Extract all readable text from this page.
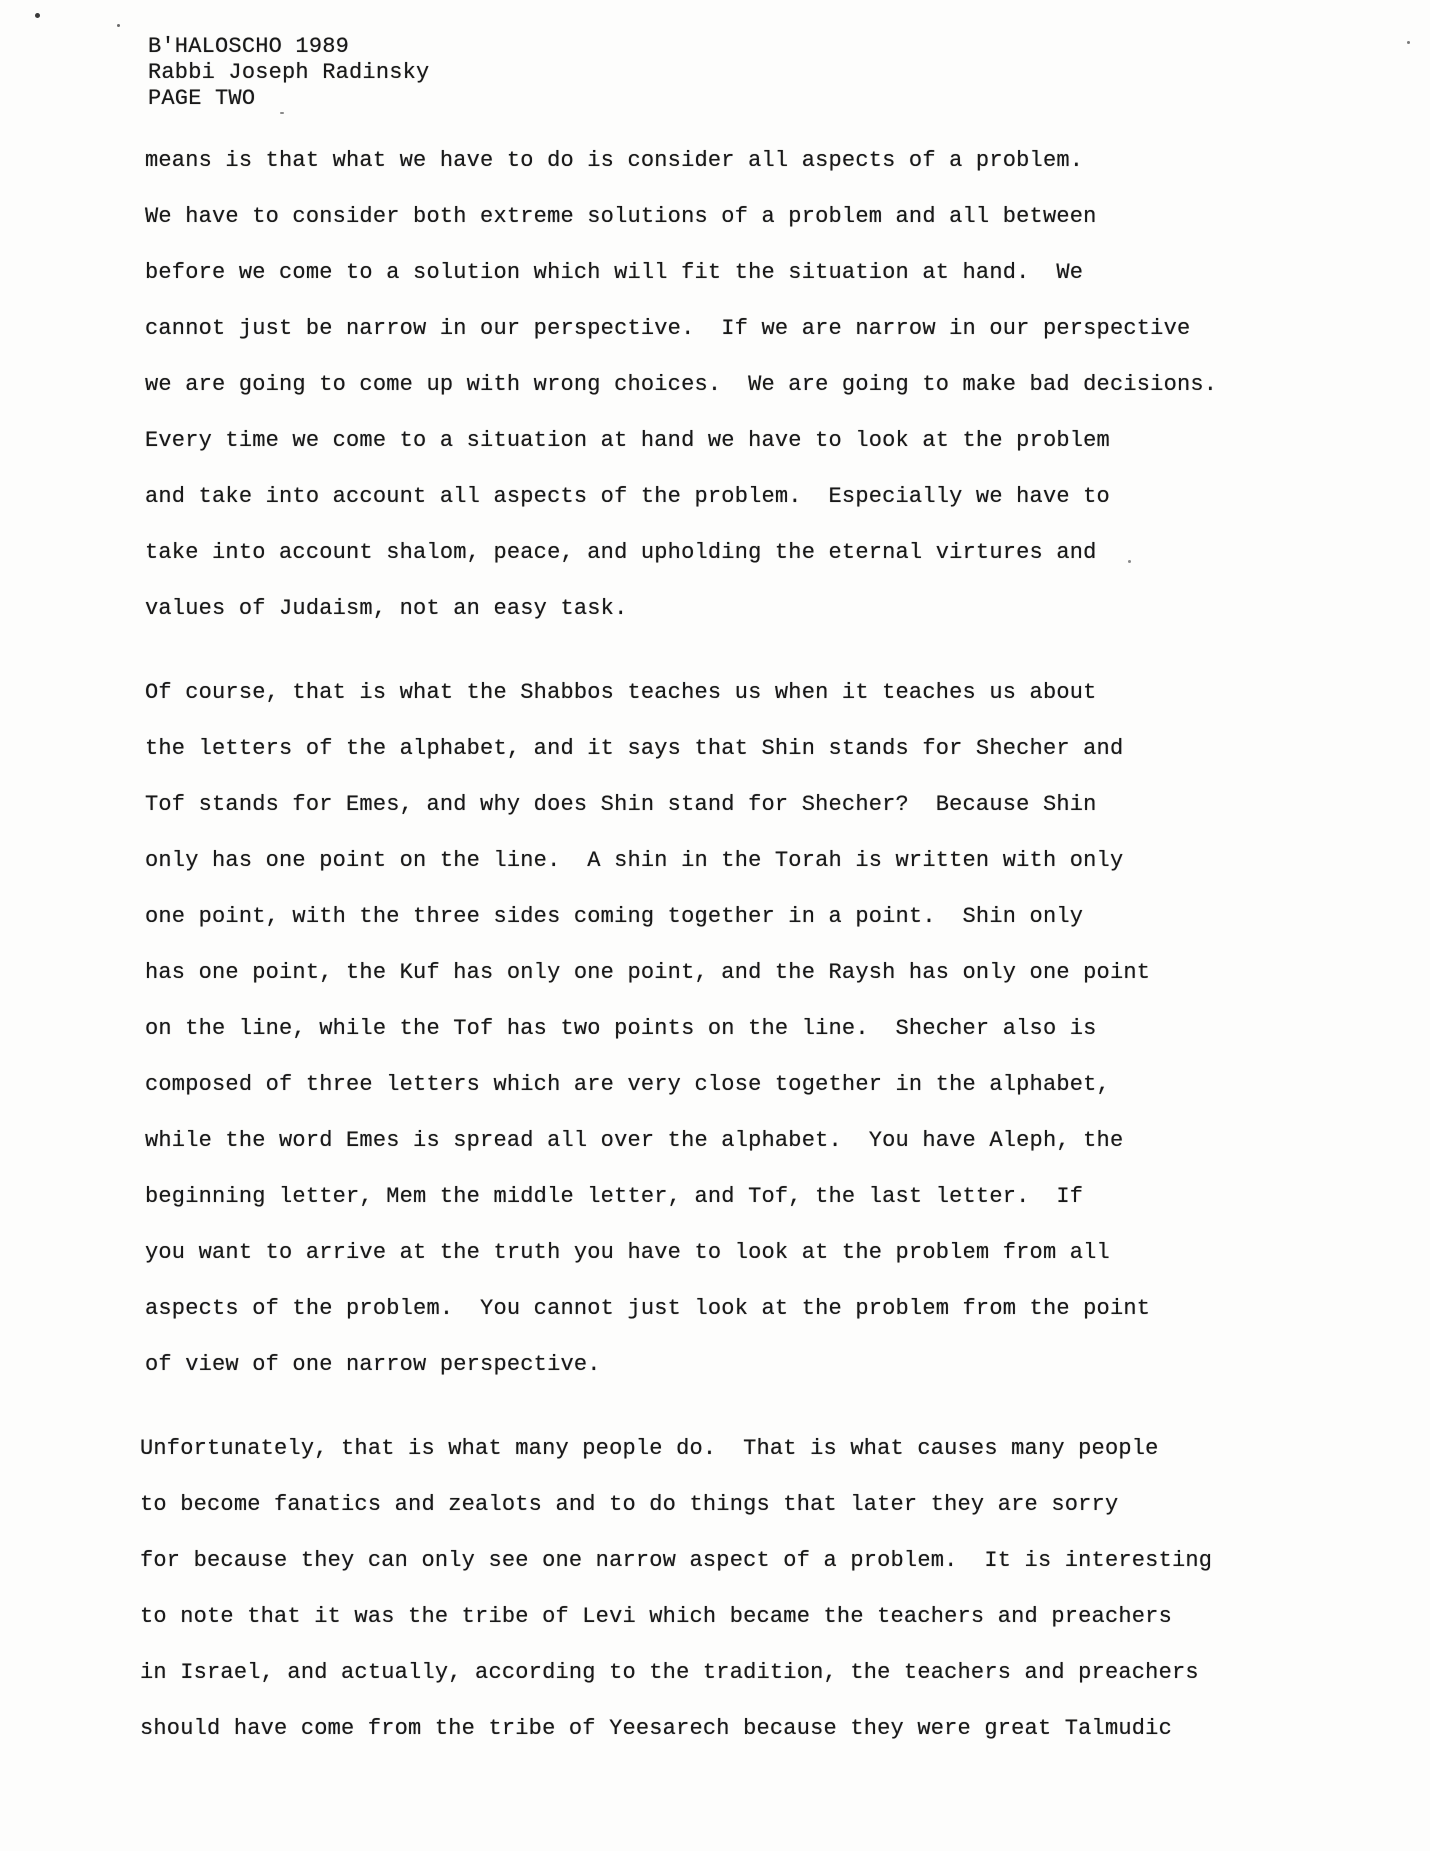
B'HALOSCHO 1989
Rabbi Joseph Radinsky
PAGE TWO
means is that what we have to do is consider all aspects of a problem.
We have to consider both extreme solutions of a problem and all between
before we come to a solution which will fit the situation at hand.  We
cannot just be narrow in our perspective.  If we are narrow in our perspective
we are going to come up with wrong choices.  We are going to make bad decisions.
Every time we come to a situation at hand we have to look at the problem
and take into account all aspects of the problem.  Especially we have to
take into account shalom, peace, and upholding the eternal virtures and
values of Judaism, not an easy task.
Of course, that is what the Shabbos teaches us when it teaches us about
the letters of the alphabet, and it says that Shin stands for Shecher and
Tof stands for Emes, and why does Shin stand for Shecher?  Because Shin
only has one point on the line.  A shin in the Torah is written with only
one point, with the three sides coming together in a point.  Shin only
has one point, the Kuf has only one point, and the Raysh has only one point
on the line, while the Tof has two points on the line.  Shecher also is
composed of three letters which are very close together in the alphabet,
while the word Emes is spread all over the alphabet.  You have Aleph, the
beginning letter, Mem the middle letter, and Tof, the last letter.  If
you want to arrive at the truth you have to look at the problem from all
aspects of the problem.  You cannot just look at the problem from the point
of view of one narrow perspective.
Unfortunately, that is what many people do.  That is what causes many people
to become fanatics and zealots and to do things that later they are sorry
for because they can only see one narrow aspect of a problem.  It is interesting
to note that it was the tribe of Levi which became the teachers and preachers
in Israel, and actually, according to the tradition, the teachers and preachers
should have come from the tribe of Yeesarech because they were great Talmudic
